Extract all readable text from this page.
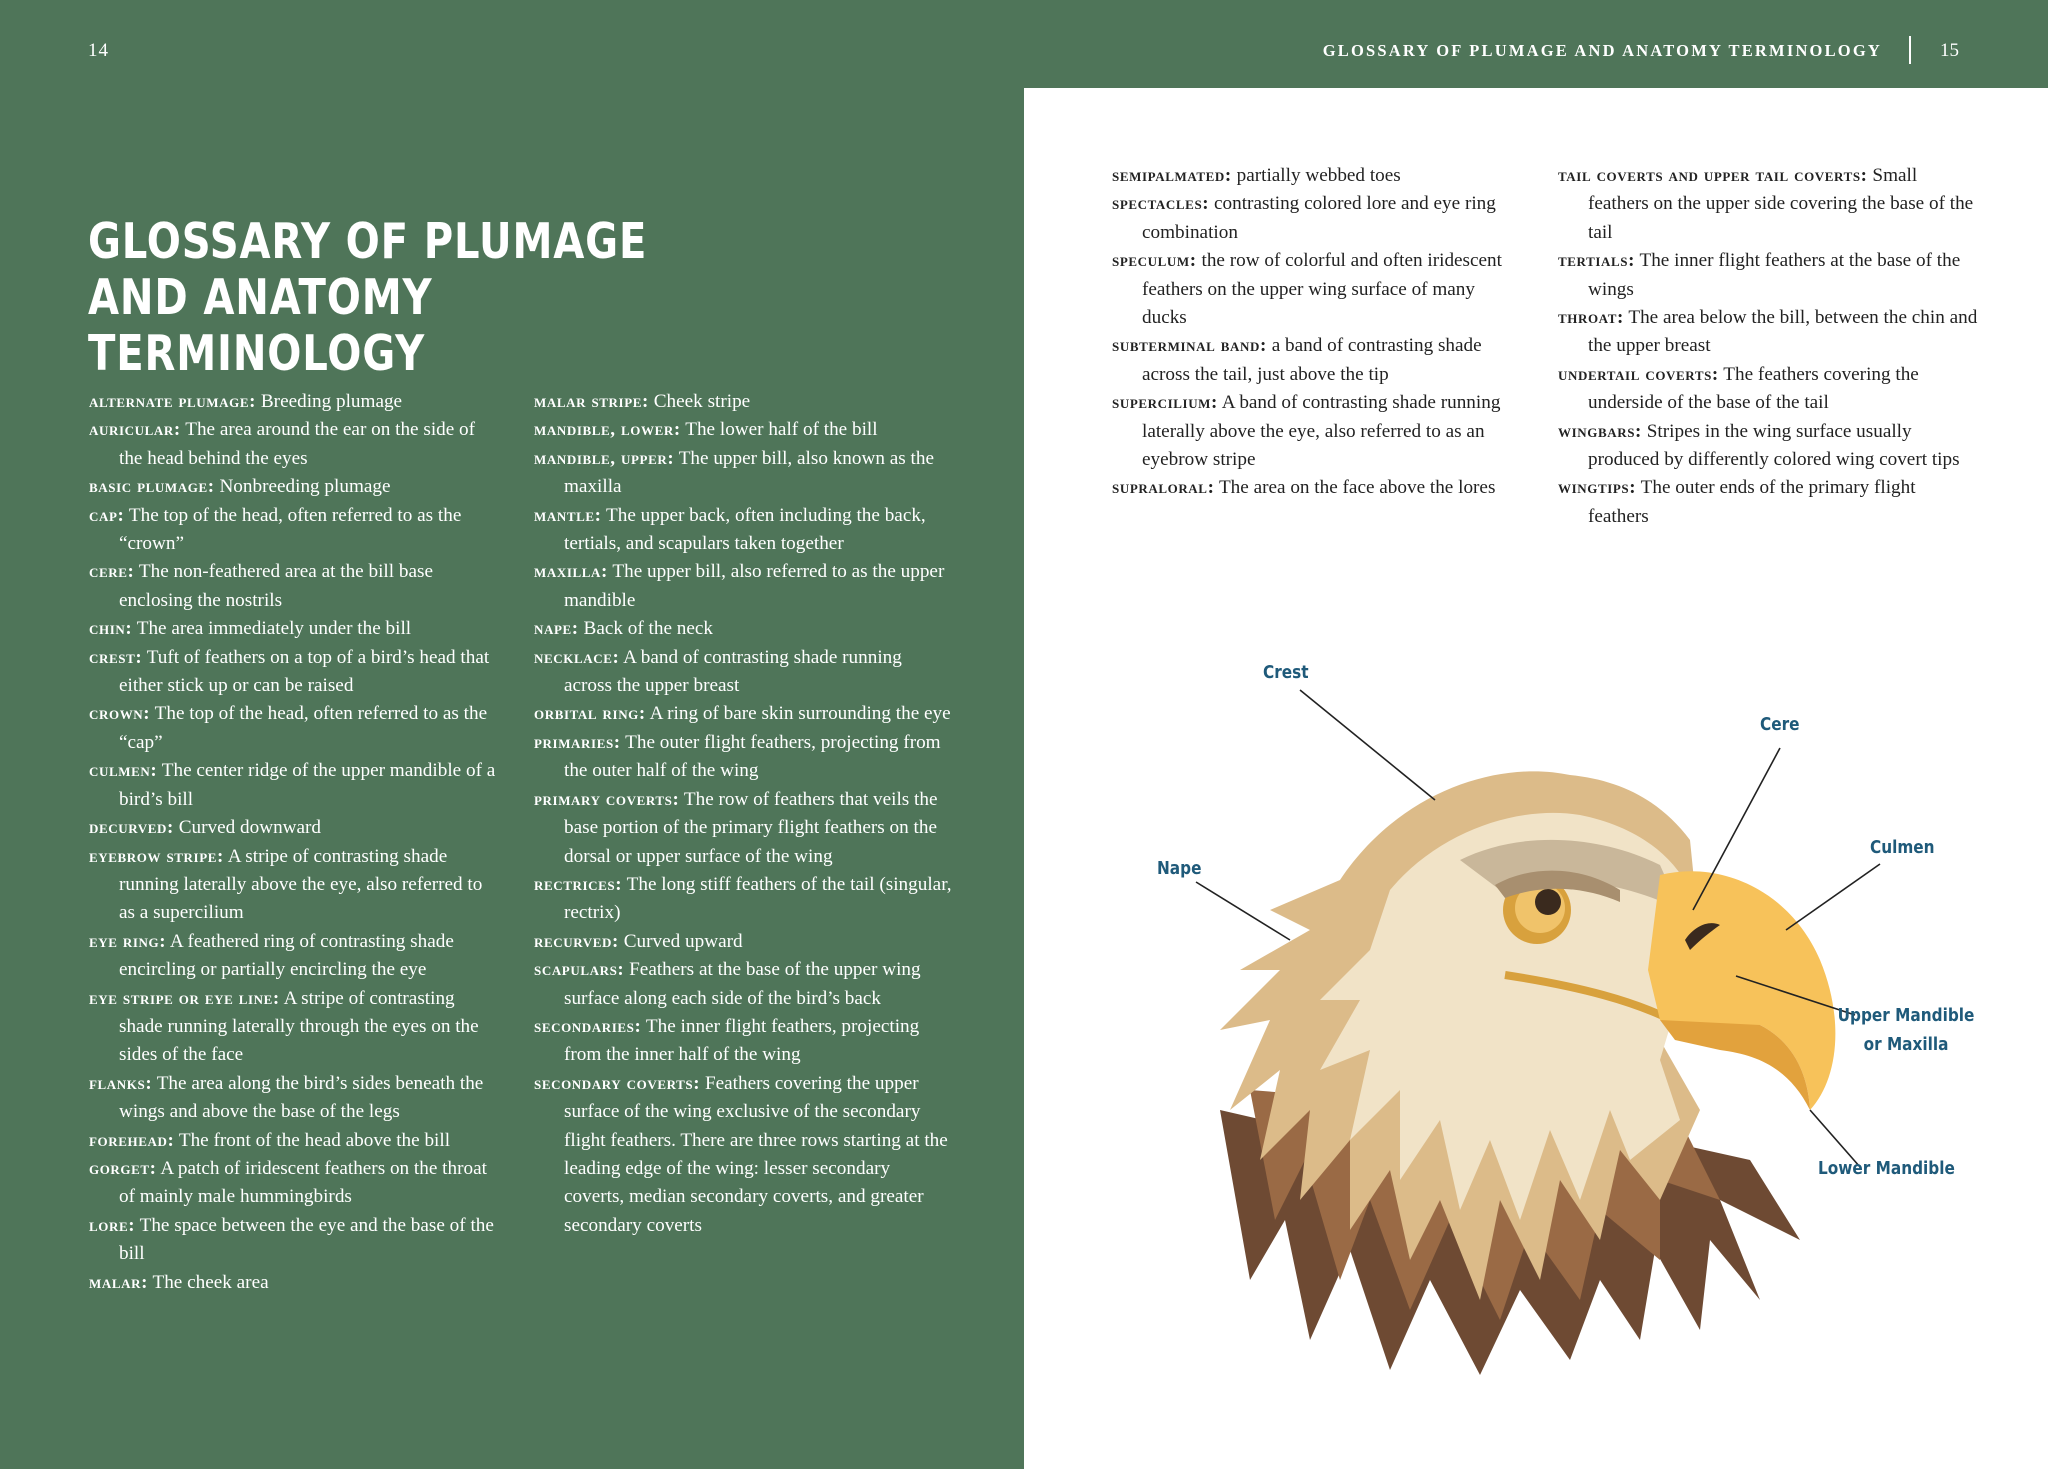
14
GLOSSARY OF PLUMAGE AND ANATOMY TERMINOLOGY

alternate plumage: Breeding plumage

auricular: The area around the ear on the side of the head behind the eyes

basic plumage: Nonbreeding plumage

cap: The top of the head, often referred to as the “crown”

cere: The non-feathered area at the bill base enclosing the nostrils

chin: The area immediately under the bill

crest: Tuft of feathers on a top of a bird’s head that either stick up or can be raised

crown: The top of the head, often referred to as the “cap”

culmen: The center ridge of the upper mandible of a bird’s bill

decurved: Curved downward

eyebrow stripe: A stripe of contrasting shade running laterally above the eye, also referred to as a supercilium

eye ring: A feathered ring of contrasting shade encircling or partially encircling the eye

eye stripe or eye line: A stripe of contrasting shade running laterally through the eyes on the sides of the face

flanks: The area along the bird’s sides beneath the wings and above the base of the legs

forehead: The front of the head above the bill

gorget: A patch of iridescent feathers on the throat of mainly male hummingbirds

lore: The space between the eye and the base of the bill

malar: The cheek area

malar stripe: Cheek stripe

mandible, lower: The lower half of the bill

mandible, upper: The upper bill, also known as the maxilla

mantle: The upper back, often including the back, tertials, and scapulars taken together

maxilla: The upper bill, also referred to as the upper mandible

nape: Back of the neck

necklace: A band of contrasting shade running across the upper breast

orbital ring: A ring of bare skin surrounding the eye

primaries: The outer flight feathers, projecting from the outer half of the wing

primary coverts: The row of feathers that veils the base portion of the primary flight feathers on the dorsal or upper surface of the wing

rectrices: The long stiff feathers of the tail (singular, rectrix)

recurved: Curved upward

scapulars: Feathers at the base of the upper wing surface along each side of the bird’s back

secondaries: The inner flight feathers, projecting from the inner half of the wing

secondary coverts: Feathers covering the upper surface of the wing exclusive of the secondary flight feathers. There are three rows starting at the leading edge of the wing: lesser secondary coverts, median secondary coverts, and greater secondary coverts

GLOSSARY OF PLUMAGE AND ANATOMY TERMINOLOGY	15

semipalmated: partially webbed toes

spectacles: contrasting colored lore and eye ring combination

speculum: the row of colorful and often iridescent feathers on the upper wing surface of many ducks

subterminal band: a band of contrasting shade across the tail, just above the tip

supercilium: A band of contrasting shade running laterally above the eye, also referred to as an eyebrow stripe

supraloral: The area on the face above the lores

tail coverts and upper tail coverts: Small feathers on the upper side covering the base of the tail

tertials: The inner flight feathers at the base of the wings

throat: The area below the bill, between the chin and the upper breast

undertail coverts: The feathers covering the underside of the base of the tail

wingbars: Stripes in the wing surface usually produced by differently colored wing covert tips

wingtips: The outer ends of the primary flight feathers

Crest
Nape
Cere
Culmen
Upper Mandible
or Maxilla
Lower Mandible
